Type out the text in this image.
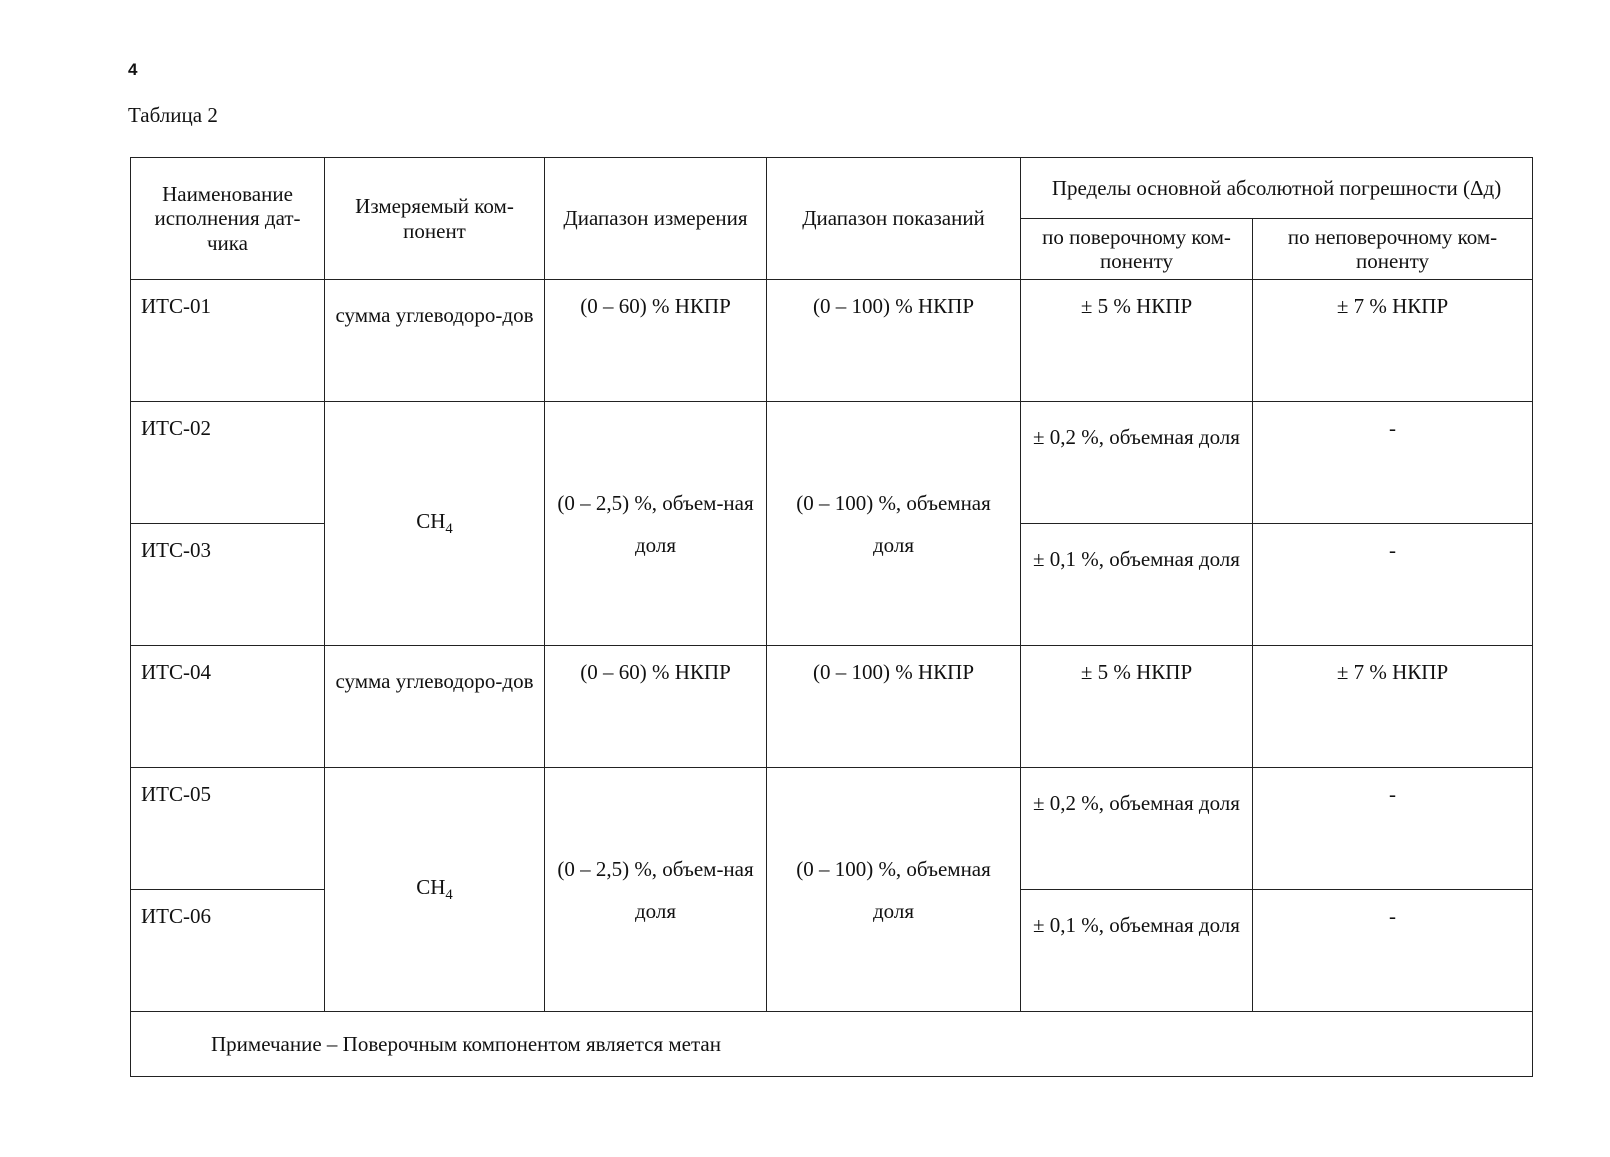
4
Таблица 2
Наименование исполнения дат-чика	Измеряемый ком-понент	Диапазон измерения	Диапазон показаний	Пределы основной абсолютной погрешности (Δд)	
				по поверочному ком-поненту	по неповерочному ком-поненту
ИТС-01	сумма углеводоро-дов	(0 – 60) % НКПР	(0 – 100) % НКПР	± 5 % НКПР	± 7 % НКПР
ИТС-02	$CH_4$	(0 – 2,5) %, объем-ная доля	(0 – 100) %, объемная доля	± 0,2 %, объемная доля	-
ИТС-03				± 0,1 %, объемная доля	-
ИТС-04	сумма углеводоро-дов	(0 – 60) % НКПР	(0 – 100) % НКПР	± 5 % НКПР	± 7 % НКПР
ИТС-05	$CH_4$	(0 – 2,5) %, объем-ная доля	(0 – 100) %, объемная доля	± 0,2 %, объемная доля	-
ИТС-06				± 0,1 %, объемная доля	-
Примечание – Поверочным компонентом является метан					
